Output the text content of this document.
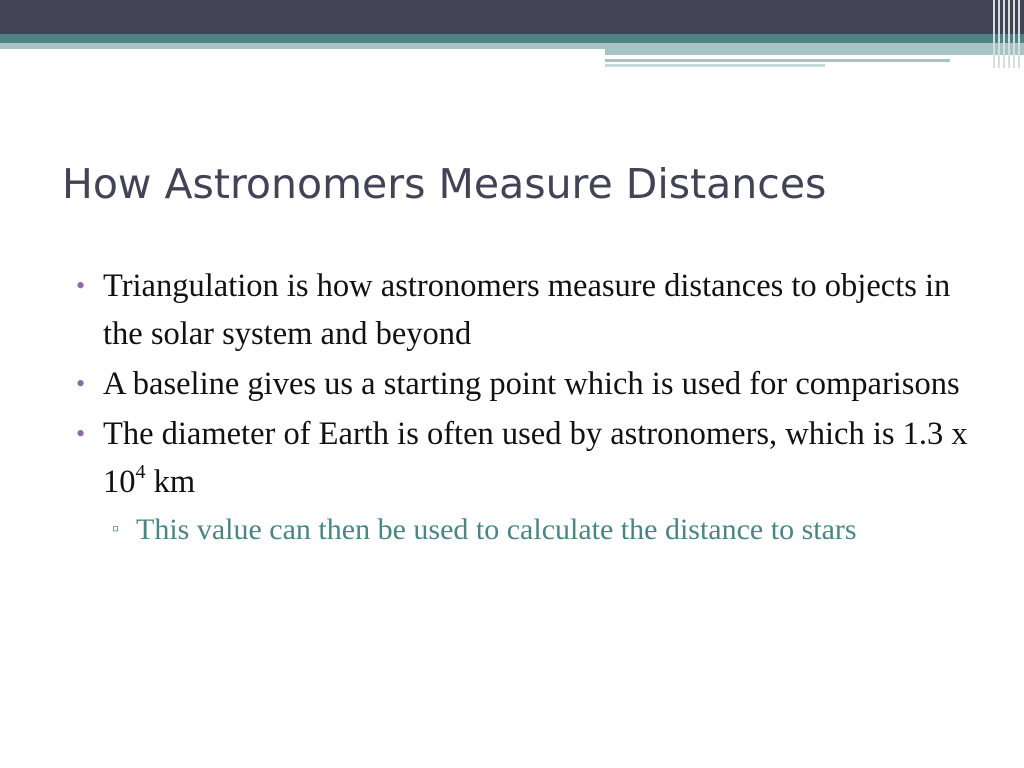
How Astronomers Measure Distances
• Triangulation is how astronomers measure distances to objects in the solar system and beyond
• A baseline gives us a starting point which is used for comparisons
• The diameter of Earth is often used by astronomers, which is 1.3 x $10^4$ km
▫ This value can then be used to calculate the distance to stars
